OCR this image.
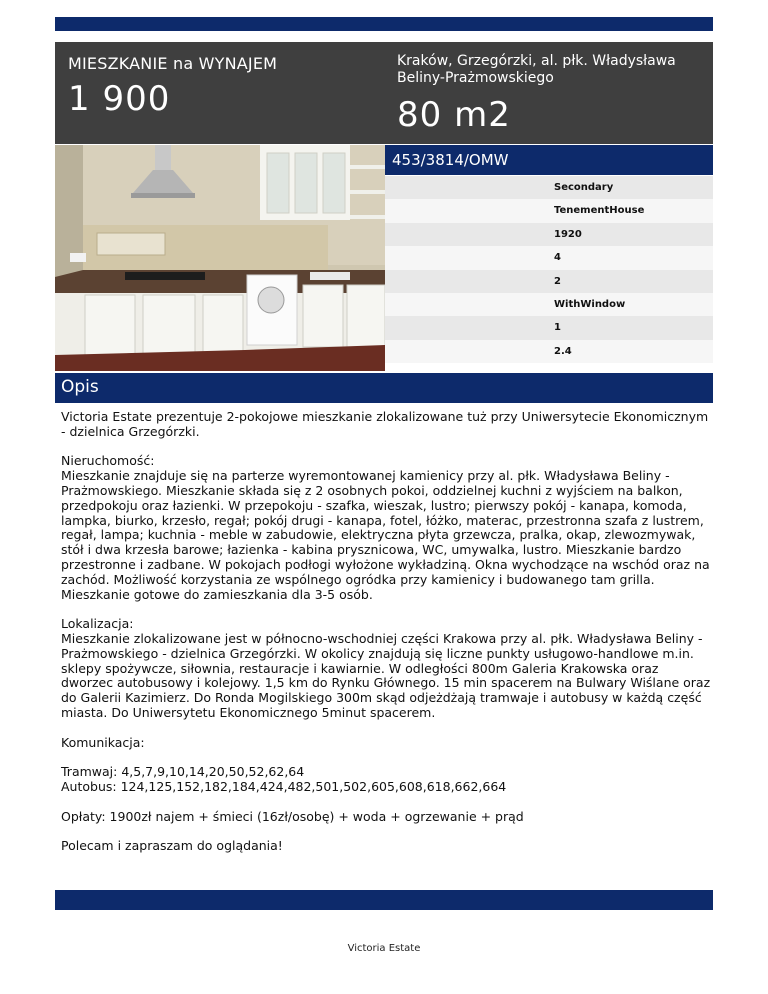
MIESZKANIE na WYNAJEM
1 900
Kraków, Grzegórzki, al. płk. Władysława Beliny-Prażmowskiego
80 m2
453/3814/OMW
Secondary
TenementHouse
1920
4
2
WithWindow
1
2.4
Opis

Victoria Estate prezentuje 2-pokojowe mieszkanie zlokalizowane tuż przy Uniwersytecie Ekonomicznym - dzielnica Grzegórzki.

Nieruchomość:
Mieszkanie znajduje się na parterze wyremontowanej kamienicy przy al. płk. Władysława Beliny - Prażmowskiego. Mieszkanie składa się z 2 osobnych pokoi, oddzielnej kuchni z wyjściem na balkon, przedpokoju oraz łazienki. W przepokoju - szafka, wieszak, lustro; pierwszy pokój - kanapa, komoda, lampka, biurko, krzesło, regał; pokój drugi - kanapa, fotel, łóżko, materac, przestronna szafa z lustrem, regał, lampa; kuchnia - meble w zabudowie, elektryczna płyta grzewcza, pralka, okap, zlewozmywak, stół i dwa krzesła barowe; łazienka - kabina prysznicowa, WC, umywalka, lustro. Mieszkanie bardzo przestronne i zadbane. W pokojach podłogi wyłożone wykładziną. Okna wychodzące na wschód oraz na zachód. Możliwość korzystania ze wspólnego ogródka przy kamienicy i budowanego tam grilla. Mieszkanie gotowe do zamieszkania dla 3-5 osób.

Lokalizacja:
Mieszkanie zlokalizowane jest w północno-wschodniej części Krakowa przy al. płk. Władysława Beliny - Prażmowskiego - dzielnica Grzegórzki. W okolicy znajdują się liczne punkty usługowo-handlowe m.in. sklepy spożywcze, siłownia, restauracje i kawiarnie. W odległości 800m Galeria Krakowska oraz dworzec autobusowy i kolejowy. 1,5 km do Rynku Głównego. 15 min spacerem na Bulwary Wiślane oraz do Galerii Kazimierz. Do Ronda Mogilskiego 300m skąd odjeżdżają tramwaje i autobusy w każdą część miasta. Do Uniwersytetu Ekonomicznego 5minut spacerem.

Komunikacja:

Tramwaj: 4,5,7,9,10,14,20,50,52,62,64
Autobus: 124,125,152,182,184,424,482,501,502,605,608,618,662,664

Opłaty: 1900zł najem + śmieci (16zł/osobę) + woda + ogrzewanie + prąd

Polecam i zapraszam do oglądania!

Victoria Estate
